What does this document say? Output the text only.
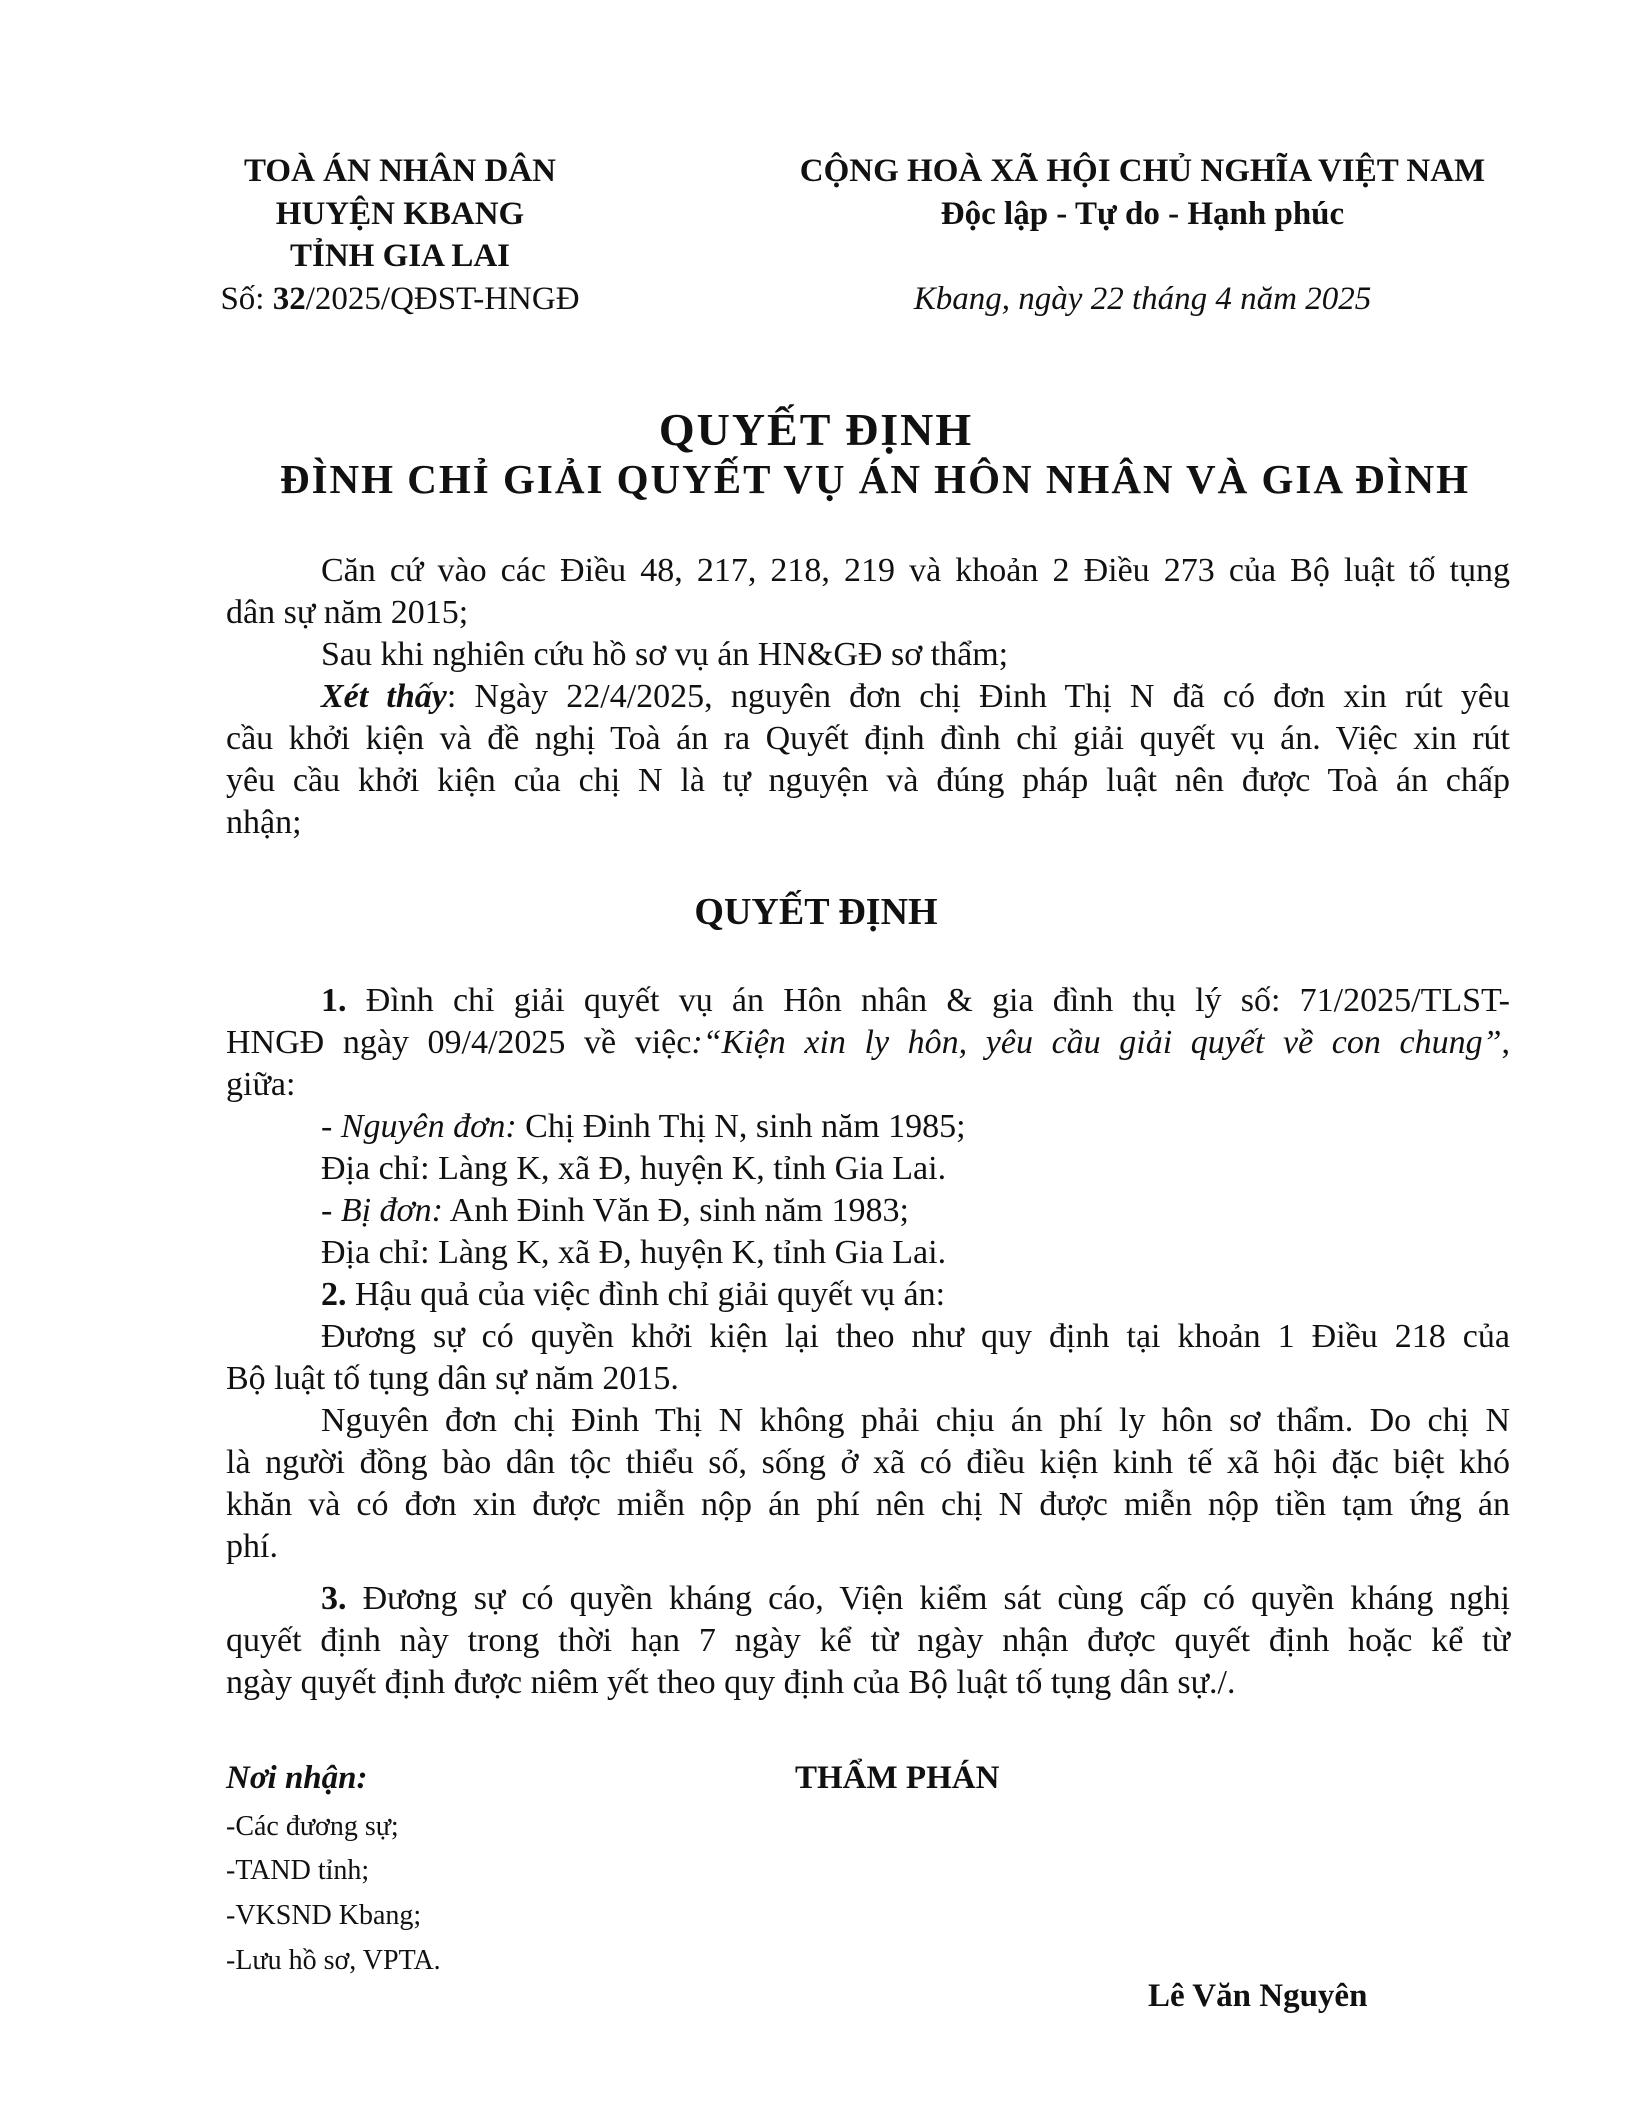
TOÀ ÁN NHÂN DÂN
HUYỆN KBANG
TỈNH GIA LAI
Số: 32/2025/QĐST-HNGĐ
CỘNG HOÀ XÃ HỘI CHỦ NGHĨA VIỆT NAM
Độc lập - Tự do - Hạnh phúc
Kbang, ngày 22 tháng 4 năm 2025
QUYẾT ĐỊNH
ĐÌNH CHỈ GIẢI QUYẾT VỤ ÁN HÔN NHÂN VÀ GIA ĐÌNH
Căn cứ vào các Điều 48, 217, 218, 219 và khoản 2 Điều 273 của Bộ luật tố tụng
dân sự năm 2015;
Sau khi nghiên cứu hồ sơ vụ án HN&GĐ sơ thẩm;
Xét thấy: Ngày 22/4/2025, nguyên đơn chị Đinh Thị N đã có đơn xin rút yêu
cầu khởi kiện và đề nghị Toà án ra Quyết định đình chỉ giải quyết vụ án. Việc xin rút
yêu cầu khởi kiện của chị N là tự nguyện và đúng pháp luật nên được Toà án chấp
nhận;
QUYẾT ĐỊNH
1. Đình chỉ giải quyết vụ án Hôn nhân & gia đình thụ lý số: 71/2025/TLST-
HNGĐ ngày 09/4/2025 về việc:“Kiện xin ly hôn, yêu cầu giải quyết về con chung”,
giữa:
- Nguyên đơn: Chị Đinh Thị N, sinh năm 1985;
Địa chỉ: Làng K, xã Đ, huyện K, tỉnh Gia Lai.
- Bị đơn: Anh Đinh Văn Đ, sinh năm 1983;
Địa chỉ: Làng K, xã Đ, huyện K, tỉnh Gia Lai.
2. Hậu quả của việc đình chỉ giải quyết vụ án:
Đương sự có quyền khởi kiện lại theo như quy định tại khoản 1 Điều 218 của
Bộ luật tố tụng dân sự năm 2015.
Nguyên đơn chị Đinh Thị N không phải chịu án phí ly hôn sơ thẩm. Do chị N
là người đồng bào dân tộc thiểu số, sống ở xã có điều kiện kinh tế xã hội đặc biệt khó
khăn và có đơn xin được miễn nộp án phí nên chị N được miễn nộp tiền tạm ứng án
phí.
3. Đương sự có quyền kháng cáo, Viện kiểm sát cùng cấp có quyền kháng nghị
quyết định này trong thời hạn 7 ngày kể từ ngày nhận được quyết định hoặc kể từ
ngày quyết định được niêm yết theo quy định của Bộ luật tố tụng dân sự./.
Nơi nhận:
-Các đương sự;
-TAND tỉnh;
-VKSND Kbang;
-Lưu hồ sơ, VPTA.
THẨM PHÁN
Lê Văn Nguyên
